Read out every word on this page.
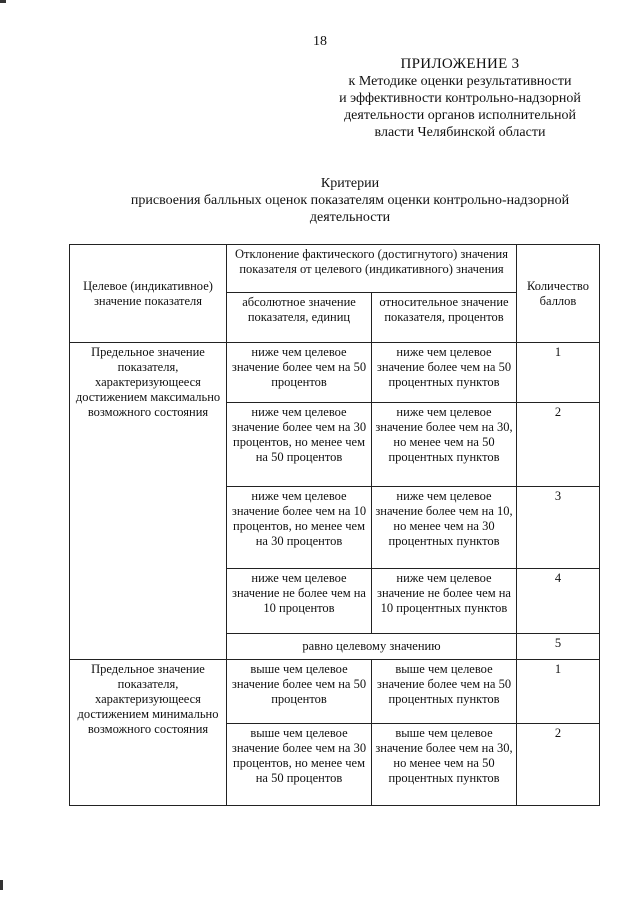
18
ПРИЛОЖЕНИЕ 3
к Методике оценки результативности
и эффективности контрольно-надзорной
деятельности органов исполнительной
власти Челябинской области
Критерии
присвоения балльных оценок показателям оценки контрольно-надзорной деятельности
Целевое (индикативное) значение показателя	Отклонение фактического (достигнутого) значения показателя от целевого (индикативного) значения		Количество баллов
	абсолютное значение показателя, единиц	относительное значение показателя, процентов	
Предельное значение показателя, характеризующееся достижением максимально возможного состояния	ниже чем целевое значение более чем на 50 процентов	ниже чем целевое значение более чем на 50 процентных пунктов	1
	ниже чем целевое значение более чем на 30 процентов, но менее чем на 50 процентов	ниже чем целевое значение более чем на 30, но менее чем на 50 процентных пунктов	2
	ниже чем целевое значение более чем на 10 процентов, но менее чем на 30 процентов	ниже чем целевое значение более чем на 10, но менее чем на 30 процентных пунктов	3
	ниже чем целевое значение не более чем на 10 процентов	ниже чем целевое значение не более чем на 10 процентных пунктов	4
	равно целевому значению		5
Предельное значение показателя, характеризующееся достижением минимально возможного состояния	выше чем целевое значение более чем на 50 процентов	выше чем целевое значение более чем на 50 процентных пунктов	1
	выше чем целевое значение более чем на 30 процентов, но менее чем на 50 процентов	выше чем целевое значение более чем на 30, но менее чем на 50 процентных пунктов	2
